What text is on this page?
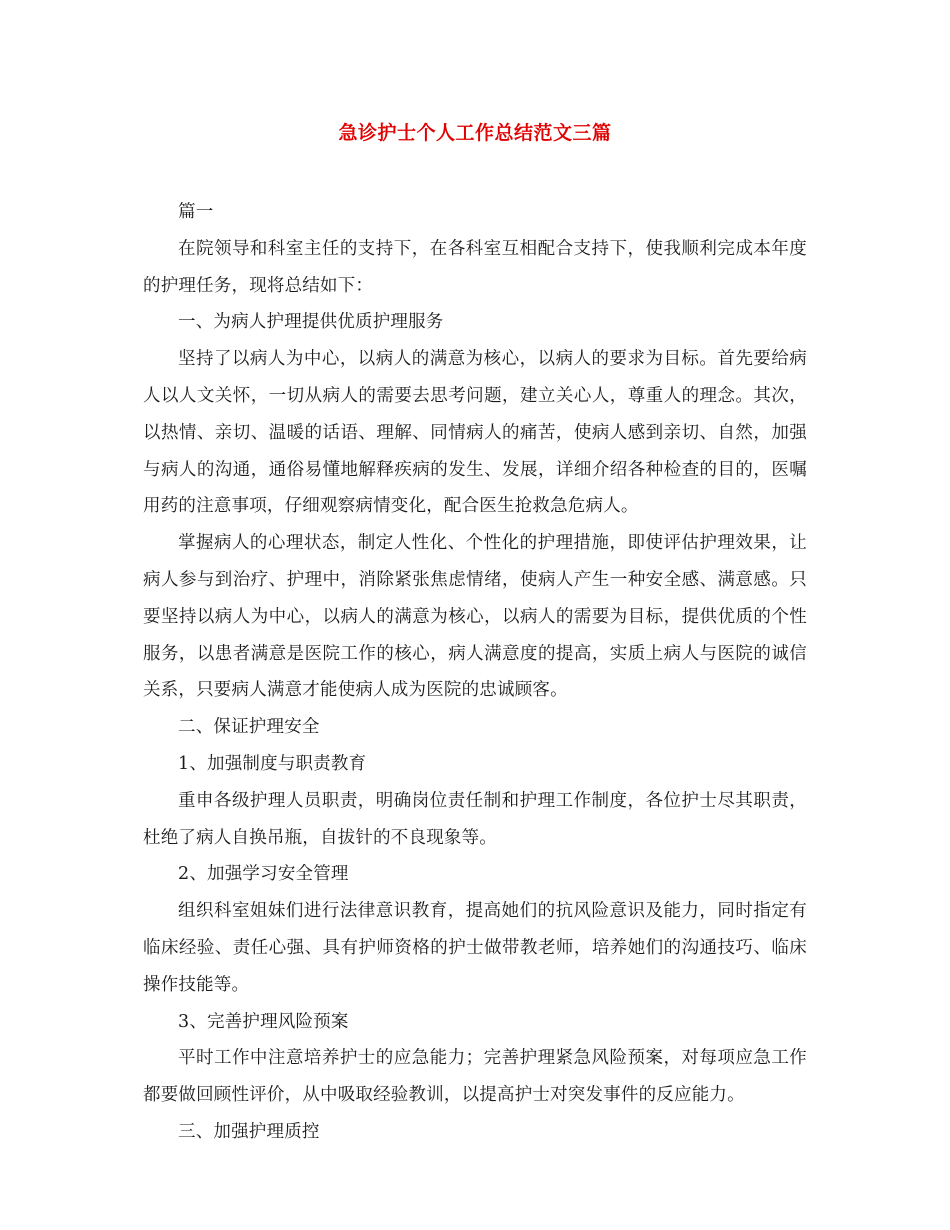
急诊护士个人工作总结范文三篇

篇一

在院领导和科室主任的支持下，在各科室互相配合支持下，使我顺利完成本年度的护理任务，现将总结如下：

一、为病人护理提供优质护理服务

坚持了以病人为中心，以病人的满意为核心，以病人的要求为目标。首先要给病人以人文关怀，一切从病人的需要去思考问题，建立关心人，尊重人的理念。其次，以热情、亲切、温暖的话语、理解、同情病人的痛苦，使病人感到亲切、自然，加强与病人的沟通，通俗易懂地解释疾病的发生、发展，详细介绍各种检查的目的，医嘱用药的注意事项，仔细观察病情变化，配合医生抢救急危病人。

掌握病人的心理状态，制定人性化、个性化的护理措施，即使评估护理效果，让病人参与到治疗、护理中，消除紧张焦虑情绪，使病人产生一种安全感、满意感。只要坚持以病人为中心，以病人的满意为核心，以病人的需要为目标，提供优质的个性服务，以患者满意是医院工作的核心，病人满意度的提高，实质上病人与医院的诚信关系，只要病人满意才能使病人成为医院的忠诚顾客。

二、保证护理安全

1、加强制度与职责教育

重申各级护理人员职责，明确岗位责任制和护理工作制度，各位护士尽其职责，杜绝了病人自换吊瓶，自拔针的不良现象等。

2、加强学习安全管理

组织科室姐妹们进行法律意识教育，提高她们的抗风险意识及能力，同时指定有临床经验、责任心强、具有护师资格的护士做带教老师，培养她们的沟通技巧、临床操作技能等。

3、完善护理风险预案

平时工作中注意培养护士的应急能力；完善护理紧急风险预案，对每项应急工作都要做回顾性评价，从中吸取经验教训，以提高护士对突发事件的反应能力。

三、加强护理质控
